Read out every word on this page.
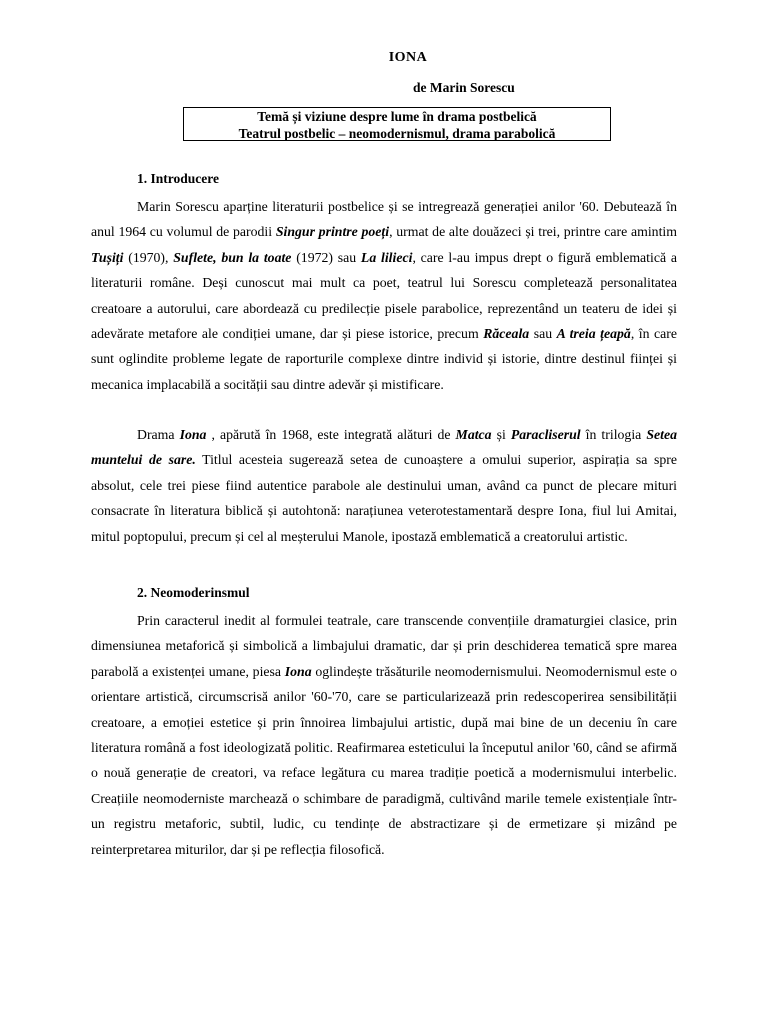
IONA
de Marin Sorescu
Temă și viziune despre lume în drama postbelică
Teatrul postbelic – neomodernismul, drama parabolică
1. Introducere

Marin Sorescu aparține literaturii postbelice și se intregrează generației anilor '60. Debutează în anul 1964 cu volumul de parodii Singur printre poeți, urmat de alte douăzeci și trei, printre care amintim Tușiți (1970), Suflete, bun la toate (1972) sau La lilieci, care l-au impus drept o figură emblematică a literaturii române. Deși cunoscut mai mult ca poet, teatrul lui Sorescu completează personalitatea creatoare a autorului, care abordează cu predilecție pisele parabolice, reprezentând un teateru de idei și adevărate metafore ale condiției umane, dar și piese istorice, precum Răceala sau A treia țeapă, în care sunt oglindite probleme legate de raporturile complexe dintre individ și istorie, dintre destinul ființei și mecanica implacabilă a socității sau dintre adevăr și mistificare.

Drama Iona , apărută în 1968, este integrată alături de Matca și Paracliserul în trilogia Setea muntelui de sare. Titlul acesteia sugerează setea de cunoaștere a omului superior, aspirația sa spre absolut, cele trei piese fiind autentice parabole ale destinului uman, având ca punct de plecare mituri consacrate în literatura biblică și autohtonă: narațiunea veterotestamentară despre Iona, fiul lui Amitai, mitul poptopului, precum și cel al meșterului Manole, ipostază emblematică a creatorului artistic.

2. Neomoderinsmul

Prin caracterul inedit al formulei teatrale, care transcende convențiile dramaturgiei clasice, prin dimensiunea metaforică și simbolică a limbajului dramatic, dar și prin deschiderea tematică spre marea parabolă a existenței umane, piesa Iona oglindește trăsăturile neomodernismului. Neomodernismul este o orientare artistică, circumscrisă anilor '60-'70, care se particularizează prin redescoperirea sensibilității creatoare, a emoției estetice și prin înnoirea limbajului artistic, după mai bine de un deceniu în care literatura română a fost ideologizată politic. Reafirmarea esteticului la începutul anilor '60, când se afirmă o nouă generație de creatori, va reface legătura cu marea tradiție poetică a modernismului interbelic. Creațiile neomoderniste marchează o schimbare de paradigmă, cultivând marile temele existențiale într-un registru metaforic, subtil, ludic, cu tendințe de abstractizare și de ermetizare și mizând pe reinterpretarea miturilor, dar și pe reflecția filosofică.
